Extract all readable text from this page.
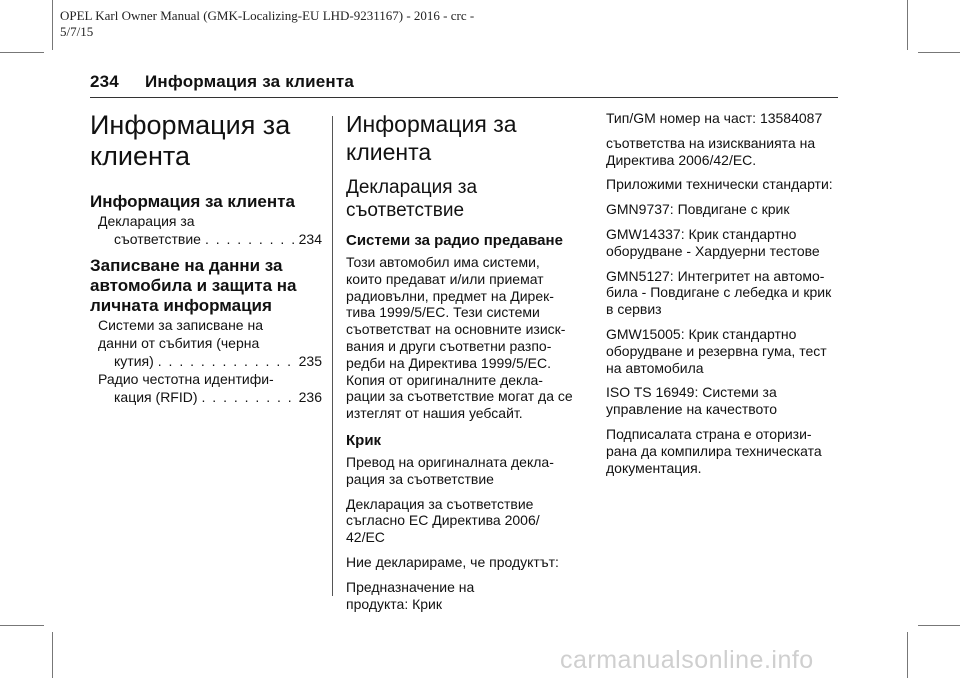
OPEL Karl Owner Manual (GMK-Localizing-EU LHD-9231167) - 2016 - crc -
5/7/15
234 Информация за клиента
Информация за
клиента
Информация за клиента
Декларация за
съответствие . . .	234
Записване на данни за
автомобила и защита на
личната информация
Системи за записване на
данни от събития (черна
кутия) . . .	235
Радио честотна идентифи-
кация (RFID) . . .	236
Информация за
клиента
Декларация за
съответствие
Системи за радио предаване

Този автомобил има системи,
които предават и/или приемат
радиовълни, предмет на Дирек-
тива 1999/5/ЕС. Тези системи
съответстват на основните изиск-
вания и други съответни разпо-
редби на Директива 1999/5/ЕС.
Копия от оригиналните декла-
рации за съответствие могат да се
изтеглят от нашия уебсайт.

Крик

Превод на оригиналната декла-
рация за съответствие

Декларация за съответствие
съгласно ЕС Директива 2006/
42/ЕС

Ние декларираме, че продуктът:

Предназначение на
продукта: Крик

Тип/GM номер на част: 13584087

съответства на изискванията на
Директива 2006/42/ЕС.

Приложими технически стандарти:

GMN9737: Повдигане с крик

GMW14337: Крик стандартно
оборудване - Хардуерни тестове

GMN5127: Интегритет на автомо-
била - Повдигане с лебедка и крик
в сервиз

GMW15005: Крик стандартно
оборудване и резервна гума, тест
на автомобила

ISO TS 16949: Системи за
управление на качеството

Подписалата страна е оторизи-
рана да компилира техническата
документация.

carmanualsonline.info
